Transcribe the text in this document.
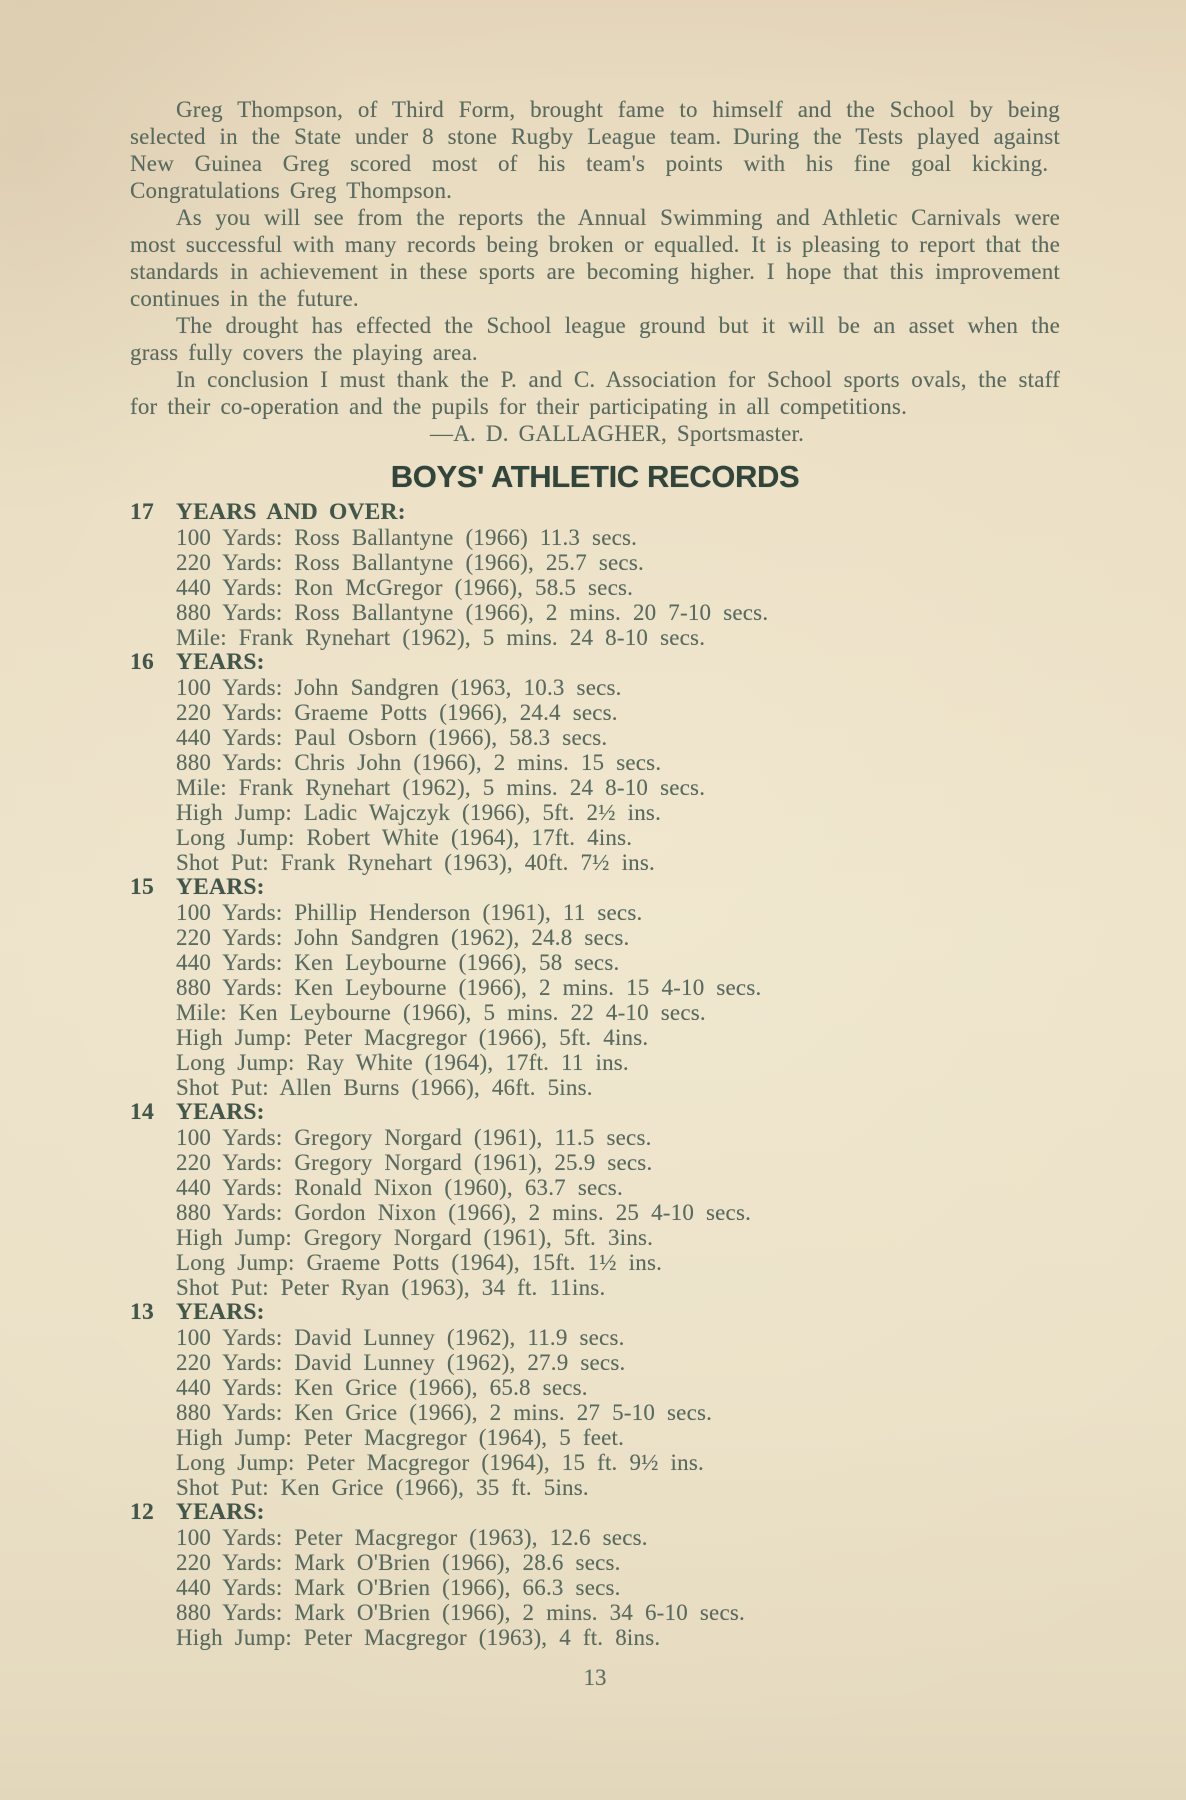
Greg Thompson, of Third Form, brought fame to himself and the School by being selected in the State under 8 stone Rugby League team. During the Tests played against New Guinea Greg scored most of his team's points with his fine goal kicking. Congratulations Greg Thompson.

As you will see from the reports the Annual Swimming and Athletic Carnivals were most successful with many records being broken or equalled. It is pleasing to report that the standards in achievement in these sports are becoming higher. I hope that this improvement continues in the future.

The drought has effected the School league ground but it will be an asset when the grass fully covers the playing area.

In conclusion I must thank the P. and C. Association for School sports ovals, the staff for their co-operation and the pupils for their participating in all competitions.

—A. D. GALLAGHER, Sportsmaster.

BOYS' ATHLETIC RECORDS
17 YEARS AND OVER:
100 Yards: Ross Ballantyne (1966) 11.3 secs.
220 Yards: Ross Ballantyne (1966), 25.7 secs.
440 Yards: Ron McGregor (1966), 58.5 secs.
880 Yards: Ross Ballantyne (1966), 2 mins. 20 7-10 secs.
Mile: Frank Rynehart (1962), 5 mins. 24 8-10 secs.
16 YEARS:
100 Yards: John Sandgren (1963, 10.3 secs.
220 Yards: Graeme Potts (1966), 24.4 secs.
440 Yards: Paul Osborn (1966), 58.3 secs.
880 Yards: Chris John (1966), 2 mins. 15 secs.
Mile: Frank Rynehart (1962), 5 mins. 24 8-10 secs.
High Jump: Ladic Wajczyk (1966), 5ft. 2½ ins.
Long Jump: Robert White (1964), 17ft. 4ins.
Shot Put: Frank Rynehart (1963), 40ft. 7½ ins.
15 YEARS:
100 Yards: Phillip Henderson (1961), 11 secs.
220 Yards: John Sandgren (1962), 24.8 secs.
440 Yards: Ken Leybourne (1966), 58 secs.
880 Yards: Ken Leybourne (1966), 2 mins. 15 4-10 secs.
Mile: Ken Leybourne (1966), 5 mins. 22 4-10 secs.
High Jump: Peter Macgregor (1966), 5ft. 4ins.
Long Jump: Ray White (1964), 17ft. 11 ins.
Shot Put: Allen Burns (1966), 46ft. 5ins.
14 YEARS:
100 Yards: Gregory Norgard (1961), 11.5 secs.
220 Yards: Gregory Norgard (1961), 25.9 secs.
440 Yards: Ronald Nixon (1960), 63.7 secs.
880 Yards: Gordon Nixon (1966), 2 mins. 25 4-10 secs.
High Jump: Gregory Norgard (1961), 5ft. 3ins.
Long Jump: Graeme Potts (1964), 15ft. 1½ ins.
Shot Put: Peter Ryan (1963), 34 ft. 11ins.
13 YEARS:
100 Yards: David Lunney (1962), 11.9 secs.
220 Yards: David Lunney (1962), 27.9 secs.
440 Yards: Ken Grice (1966), 65.8 secs.
880 Yards: Ken Grice (1966), 2 mins. 27 5-10 secs.
High Jump: Peter Macgregor (1964), 5 feet.
Long Jump: Peter Macgregor (1964), 15 ft. 9½ ins.
Shot Put: Ken Grice (1966), 35 ft. 5ins.
12 YEARS:
100 Yards: Peter Macgregor (1963), 12.6 secs.
220 Yards: Mark O'Brien (1966), 28.6 secs.
440 Yards: Mark O'Brien (1966), 66.3 secs.
880 Yards: Mark O'Brien (1966), 2 mins. 34 6-10 secs.
High Jump: Peter Macgregor (1963), 4 ft. 8ins.
13
